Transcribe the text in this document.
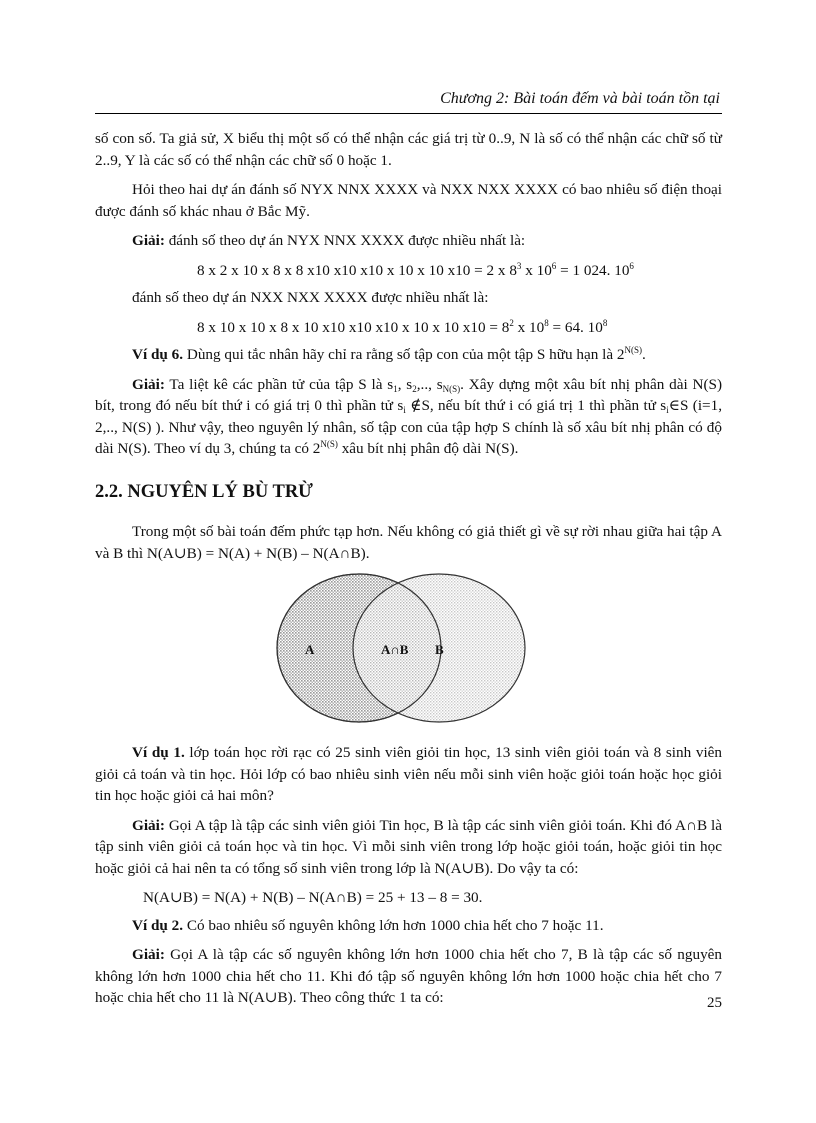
Chương 2: Bài toán đếm và bài toán tồn tại

số con số. Ta giả sử, X biểu thị một số có thể nhận các giá trị từ 0..9, N là số có thể nhận các chữ số từ 2..9, Y là các số có thể nhận các chữ số 0 hoặc 1.

Hỏi theo hai dự án đánh số NYX NNX XXXX và NXX NXX XXXX có bao nhiêu số điện thoại được đánh số khác nhau ở Bắc Mỹ.

Giải: đánh số theo dự án NYX NNX XXXX được nhiều nhất là:

8 x 2 x 10 x 8 x 8 x10 x10 x10 x 10 x 10 x10 = 2 x $8^3$ x $10^6 = 1$ 024. $10^6$

đánh số theo dự án NXX NXX XXXX được nhiều nhất là:

8 x 10 x 10 x 8 x 10 x10 x10 x10 x 10 x 10 $x10 = 8^2$ x $10^8 = 64$. $10^8$

Ví dụ 6. Dùng qui tắc nhân hãy chỉ ra rằng số tập con của một tập S hữu hạn là $2^{N(S)}$.

Giải: Ta liệt kê các phần tử của tập S là $s_1$, $s_2$,.., $s_{N(S)}$. Xây dựng một xâu bít nhị phân dài N(S) bít, trong đó nếu bít thứ i có giá trị 0 thì phần tử $s_i$ ∉S, nếu bít thứ i có giá trị 1 thì phần tử $s_i\in S$ (i=1, 2,.., N(S) ). Như vậy, theo nguyên lý nhân, số tập con của tập hợp S chính là số xâu bít nhị phân có độ dài N(S). Theo ví dụ 3, chúng ta có $2^{N(S)}$ xâu bít nhị phân độ dài N(S).

2.2. NGUYÊN LÝ BÙ TRỪ

Trong một số bài toán đếm phức tạp hơn. Nếu không có giả thiết gì về sự rời nhau giữa hai tập A và B thì N(A∪B) = N(A) + N(B) – N(A∩B).

A	A∩B B

Ví dụ 1. lớp toán học rời rạc có 25 sinh viên giỏi tin học, 13 sinh viên giỏi toán và 8 sinh viên giỏi cả toán và tin học. Hỏi lớp có bao nhiêu sinh viên nếu mỗi sinh viên hoặc giỏi toán hoặc học giỏi tin học hoặc giỏi cả hai môn?

Giải: Gọi A tập là tập các sinh viên giỏi Tin học, B là tập các sinh viên giỏi toán. Khi đó A∩B là tập sinh viên giỏi cả toán học và tin học. Vì mỗi sinh viên trong lớp hoặc giỏi toán, hoặc giỏi tin học hoặc giỏi cả hai nên ta có tổng số sinh viên trong lớp là N(A∪B). Do vậy ta có:

N(A∪B) = N(A) + N(B) – N(A∩B) = 25 + 13 – 8 = 30.

Ví dụ 2. Có bao nhiêu số nguyên không lớn hơn 1000 chia hết cho 7 hoặc 11.

Giải: Gọi A là tập các số nguyên không lớn hơn 1000 chia hết cho 7, B là tập các số nguyên không lớn hơn 1000 chia hết cho 11. Khi đó tập số nguyên không lớn hơn 1000 hoặc chia hết cho 7 hoặc chia hết cho 11 là N(A∪B). Theo công thức 1 ta có:	25
